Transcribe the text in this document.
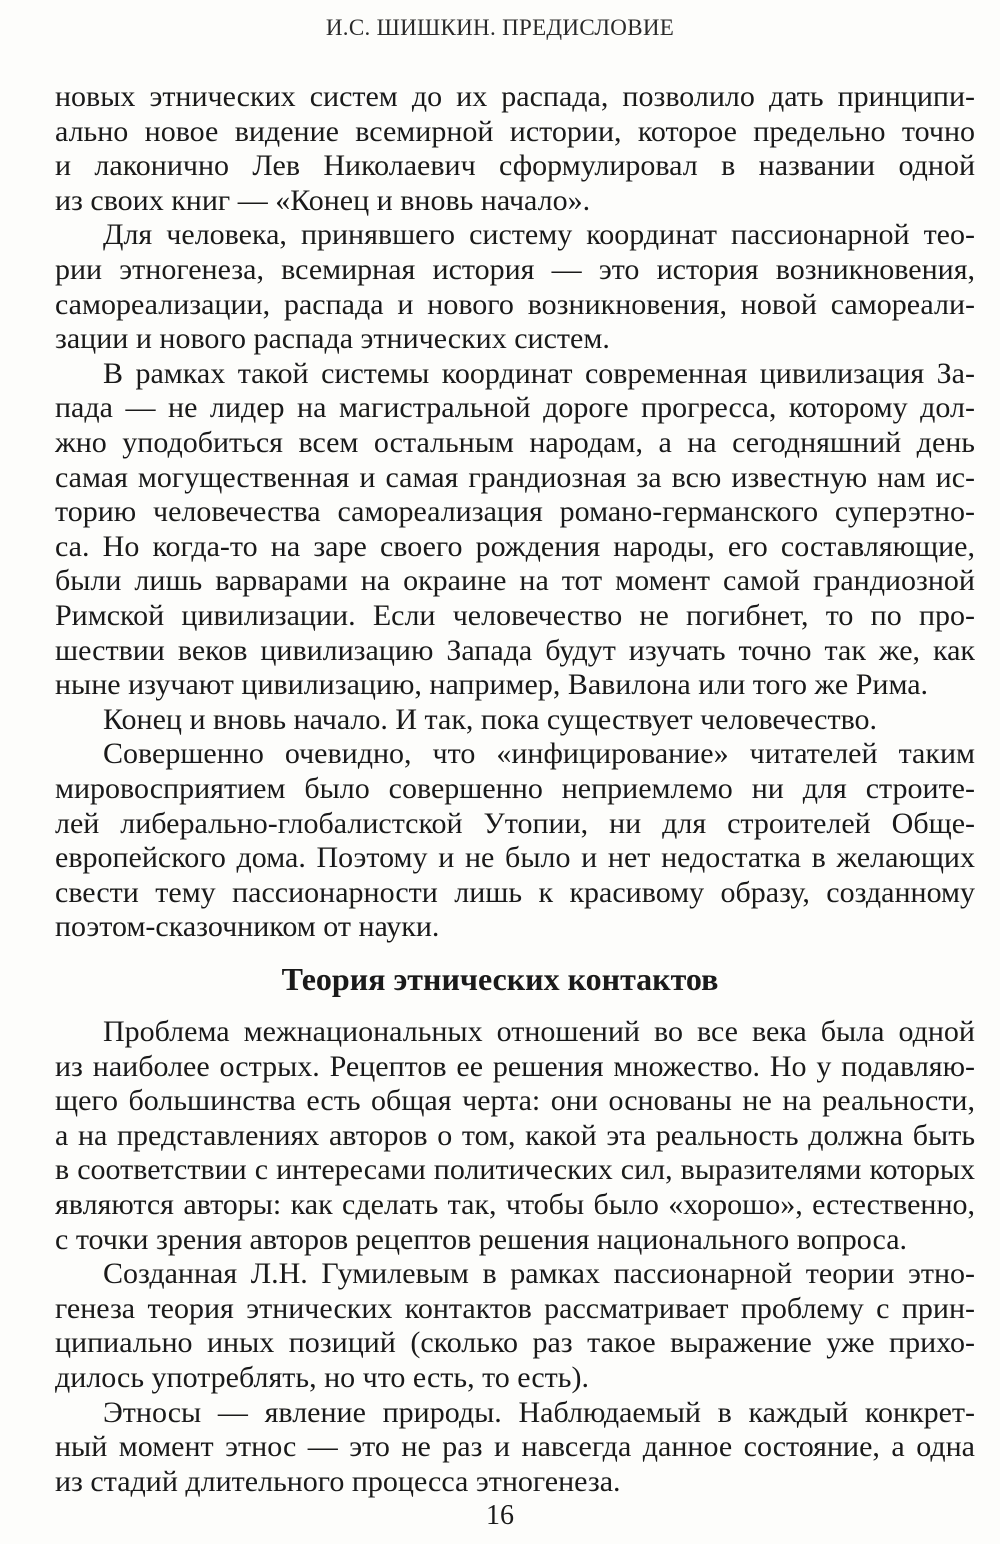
И.С. ШИШКИН. ПРЕДИСЛОВИЕ
новых этнических систем до их распада, позволило дать принципи-
ально новое видение всемирной истории, которое предельно точно
и лаконично Лев Николаевич сформулировал в названии одной
из своих книг — «Конец и вновь начало».
Для человека, принявшего систему координат пассионарной тео-
рии этногенеза, всемирная история — это история возникновения,
самореализации, распада и нового возникновения, новой самореали-
зации и нового распада этнических систем.
В рамках такой системы координат современная цивилизация За-
пада — не лидер на магистральной дороге прогресса, которому дол-
жно уподобиться всем остальным народам, а на сегодняшний день
самая могущественная и самая грандиозная за всю известную нам ис-
торию человечества самореализация романо-германского суперэтно-
са. Но когда-то на заре своего рождения народы, его составляющие,
были лишь варварами на окраине на тот момент самой грандиозной
Римской цивилизации. Если человечество не погибнет, то по про-
шествии веков цивилизацию Запада будут изучать точно так же, как
ныне изучают цивилизацию, например, Вавилона или того же Рима.
Конец и вновь начало. И так, пока существует человечество.
Совершенно очевидно, что «инфицирование» читателей таким
мировосприятием было совершенно неприемлемо ни для строите-
лей либерально-глобалистской Утопии, ни для строителей Обще-
европейского дома. Поэтому и не было и нет недостатка в желающих
свести тему пассионарности лишь к красивому образу, созданному
поэтом-сказочником от науки.
Теория этнических контактов
Проблема межнациональных отношений во все века была одной
из наиболее острых. Рецептов ее решения множество. Но у подавляю-
щего большинства есть общая черта: они основаны не на реальности,
а на представлениях авторов о том, какой эта реальность должна быть
в соответствии с интересами политических сил, выразителями которых
являются авторы: как сделать так, чтобы было «хорошо», естественно,
с точки зрения авторов рецептов решения национального вопроса.
Созданная Л.Н. Гумилевым в рамках пассионарной теории этно-
генеза теория этнических контактов рассматривает проблему с прин-
ципиально иных позиций (сколько раз такое выражение уже прихо-
дилось употреблять, но что есть, то есть).
Этносы — явление природы. Наблюдаемый в каждый конкрет-
ный момент этнос — это не раз и навсегда данное состояние, а одна
из стадий длительного процесса этногенеза.
16
